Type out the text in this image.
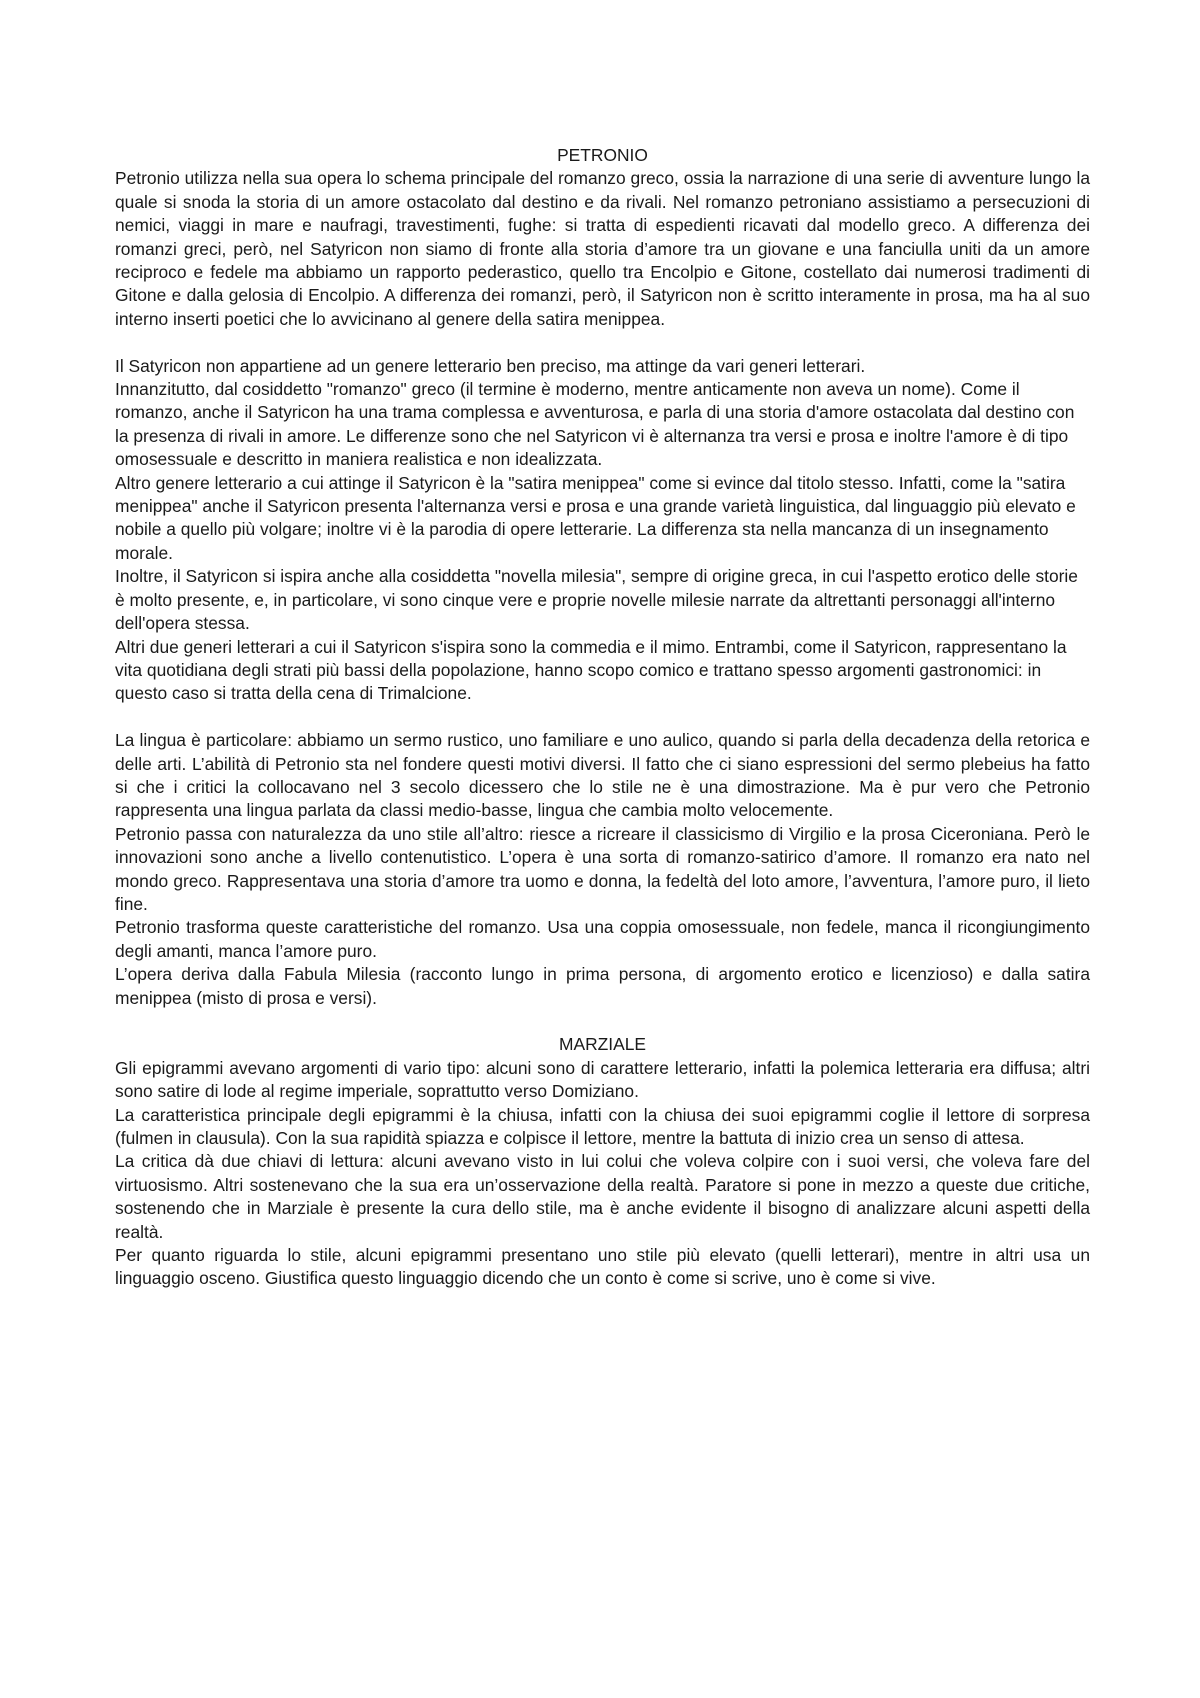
PETRONIO

Petronio utilizza nella sua opera lo schema principale del romanzo greco, ossia la narrazione di una serie di avventure lungo la quale si snoda la storia di un amore ostacolato dal destino e da rivali. Nel romanzo petroniano assistiamo a persecuzioni di nemici, viaggi in mare e naufragi, travestimenti, fughe: si tratta di espedienti ricavati dal modello greco. A differenza dei romanzi greci, però, nel Satyricon non siamo di fronte alla storia d’amore tra un giovane e una fanciulla uniti da un amore reciproco e fedele ma abbiamo un rapporto pederastico, quello tra Encolpio e Gitone, costellato dai numerosi tradimenti di Gitone e dalla gelosia di Encolpio. A differenza dei romanzi, però, il Satyricon non è scritto interamente in prosa, ma ha al suo interno inserti poetici che lo avvicinano al genere della satira menippea.

Il Satyricon non appartiene ad un genere letterario ben preciso, ma attinge da vari generi letterari.

Innanzitutto, dal cosiddetto "romanzo" greco (il termine è moderno, mentre anticamente non aveva un nome). Come il romanzo, anche il Satyricon ha una trama complessa e avventurosa, e parla di una storia d'amore ostacolata dal destino con la presenza di rivali in amore. Le differenze sono che nel Satyricon vi è alternanza tra versi e prosa e inoltre l'amore è di tipo omosessuale e descritto in maniera realistica e non idealizzata.

Altro genere letterario a cui attinge il Satyricon è la "satira menippea" come si evince dal titolo stesso. Infatti, come la "satira menippea" anche il Satyricon presenta l'alternanza versi e prosa e una grande varietà linguistica, dal linguaggio più elevato e nobile a quello più volgare; inoltre vi è la parodia di opere letterarie. La differenza sta nella mancanza di un insegnamento morale.

Inoltre, il Satyricon si ispira anche alla cosiddetta "novella milesia", sempre di origine greca, in cui l'aspetto erotico delle storie è molto presente, e, in particolare, vi sono cinque vere e proprie novelle milesie narrate da altrettanti personaggi all'interno dell'opera stessa.

Altri due generi letterari a cui il Satyricon s'ispira sono la commedia e il mimo. Entrambi, come il Satyricon, rappresentano la vita quotidiana degli strati più bassi della popolazione, hanno scopo comico e trattano spesso argomenti gastronomici: in questo caso si tratta della cena di Trimalcione.

La lingua è particolare: abbiamo un sermo rustico, uno familiare e uno aulico, quando si parla della decadenza della retorica e delle arti. L’abilità di Petronio sta nel fondere questi motivi diversi. Il fatto che ci siano espressioni del sermo plebeius ha fatto si che i critici la collocavano nel 3 secolo dicessero che lo stile ne è una dimostrazione. Ma è pur vero che Petronio rappresenta una lingua parlata da classi medio-basse, lingua che cambia molto velocemente.

Petronio passa con naturalezza da uno stile all’altro: riesce a ricreare il classicismo di Virgilio e la prosa Ciceroniana. Però le innovazioni sono anche a livello contenutistico. L’opera è una sorta di romanzo-satirico d’amore. Il romanzo era nato nel mondo greco. Rappresentava una storia d’amore tra uomo e donna, la fedeltà del loto amore, l’avventura, l’amore puro, il lieto fine.

Petronio trasforma queste caratteristiche del romanzo. Usa una coppia omosessuale, non fedele, manca il ricongiungimento degli amanti, manca l’amore puro.

L’opera deriva dalla Fabula Milesia (racconto lungo in prima persona, di argomento erotico e licenzioso) e dalla satira menippea (misto di prosa e versi).

MARZIALE

Gli epigrammi avevano argomenti di vario tipo: alcuni sono di carattere letterario, infatti la polemica letteraria era diffusa; altri sono satire di lode al regime imperiale, soprattutto verso Domiziano.

La caratteristica principale degli epigrammi è la chiusa, infatti con la chiusa dei suoi epigrammi coglie il lettore di sorpresa (fulmen in clausula). Con la sua rapidità spiazza e colpisce il lettore, mentre la battuta di inizio crea un senso di attesa.

La critica dà due chiavi di lettura: alcuni avevano visto in lui colui che voleva colpire con i suoi versi, che voleva fare del virtuosismo. Altri sostenevano che la sua era un’osservazione della realtà. Paratore si pone in mezzo a queste due critiche, sostenendo che in Marziale è presente la cura dello stile, ma è anche evidente il bisogno di analizzare alcuni aspetti della realtà.

Per quanto riguarda lo stile, alcuni epigrammi presentano uno stile più elevato (quelli letterari), mentre in altri usa un linguaggio osceno. Giustifica questo linguaggio dicendo che un conto è come si scrive, uno è come si vive.
